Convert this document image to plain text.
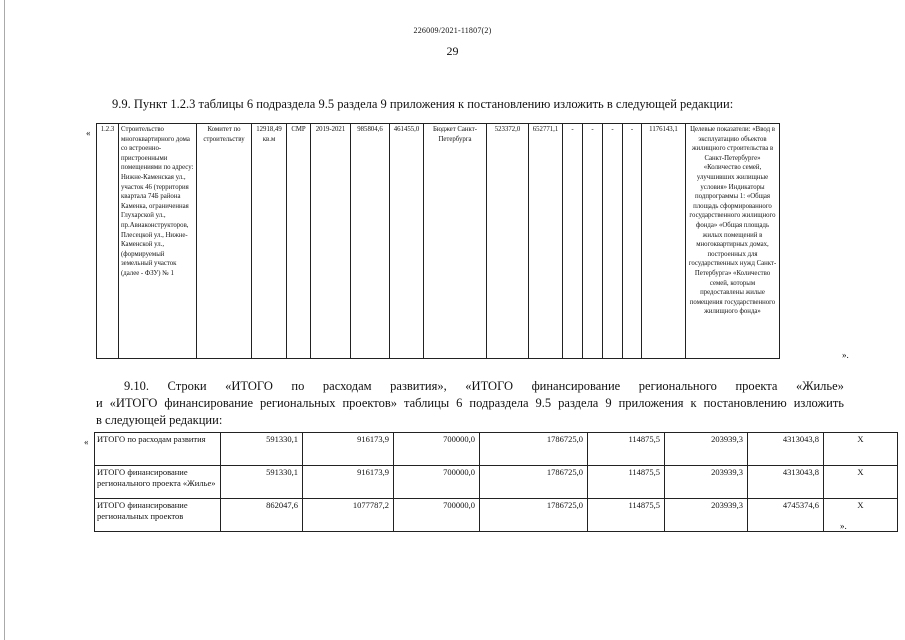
226009/2021-11807(2)
29
9.9. Пункт 1.2.3 таблицы 6 подраздела 9.5 раздела 9 приложения к постановлению изложить в следующей редакции:
« 1.2.3	Строительство многоквартирного дома со встроенно-пристроенными помещениями по адресу: Нижне-Каменская ул., участок 46 (территория квартала 74Б района Каменка, ограниченная Глухарской ул., пр.Авиаконструкторов, Плесецкой ул., Нижне-Каменской ул., (формируемый земельный участок (далее - ФЗУ) № 1	Комитет по строительству	12918,49 кв.м	СМР	2019-2021	985804,6	461455,0	Бюджет Санкт-Петербурга	523372,0	652771,1	-	-	-	-	1176143,1	Целевые показатели: «Ввод в эксплуатацию объектов жилищного строительства в Санкт-Петербурге» «Количество семей, улучшивших жилищные условия» Индикаторы подпрограммы 1: «Общая площадь сформированного государственного жилищного фонда» «Общая площадь жилых помещений в многоквартирных домах, построенных для государственных нужд Санкт-Петербурга» «Количество семей, которым предоставлены жилые помещения государственного жилищного фонда»
».
9.10. Строки «ИТОГО по расходам развития», «ИТОГО финансирование регионального проекта «Жилье»
и «ИТОГО финансирование региональных проектов» таблицы 6 подраздела 9.5 раздела 9 приложения к постановлению изложить
в следующей редакции:
« ИТОГО по расходам развития	591330,1	916173,9	700000,0	1786725,0	114875,5	203939,3	4313043,8	Х
ИТОГО финансирование регионального проекта «Жилье»	591330,1	916173,9	700000,0	1786725,0	114875,5	203939,3	4313043,8	Х
ИТОГО финансирование региональных проектов	862047,6	1077787,2	700000,0	1786725,0	114875,5	203939,3	4745374,6	Х
».
